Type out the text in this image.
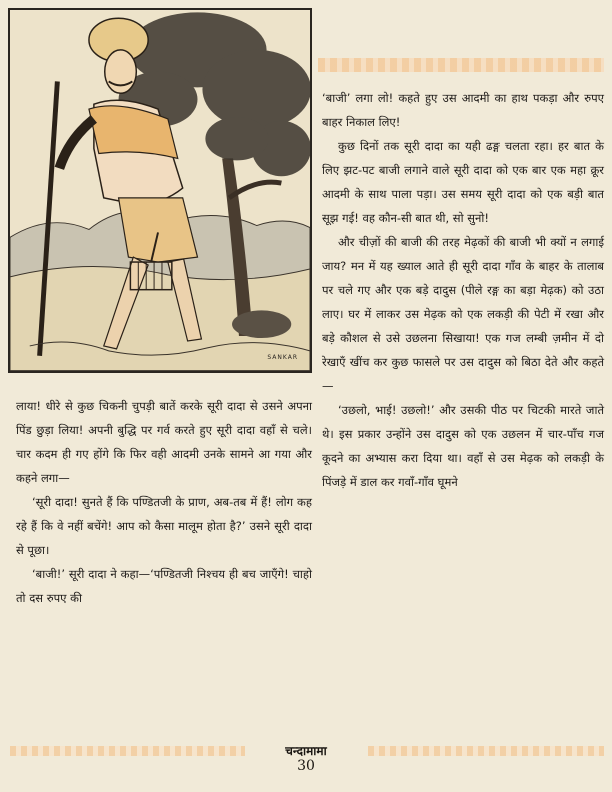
SANKAR

‘बाजी’ लगा लो! कहते हुए उस आदमी का हाथ पकड़ा और रुपए बाहर निकाल लिए!

कुछ दिनों तक सूरी दादा का यही ढङ्ग चलता रहा। हर बात के लिए झट-पट बाजी लगाने वाले सूरी दादा को एक बार एक महा क्रूर आदमी के साथ पाला पड़ा। उस समय सूरी दादा को एक बड़ी बात सूझ गई! वह कौन-सी बात थी, सो सुनो!

और चीज़ों की बाजी की तरह मेढ़कों की बाजी भी क्यों न लगाई जाय? मन में यह ख्याल आते ही सूरी दादा गाँव के बाहर के तालाब पर चले गए और एक बड़े दादुस (पीले रङ्ग का बड़ा मेढ़क) को उठा लाए। घर में लाकर उस मेढ़क को एक लकड़ी की पेटी में रखा और बड़े कौशल से उसे उछलना सिखाया! एक गज लम्बी ज़मीन में दो रेखाएँ खींच कर कुछ फासले पर उस दादुस को बिठा देते और कहते—

‘उछलो, भाई! उछलो!’ और उसकी पीठ पर चिटकी मारते जाते थे। इस प्रकार उन्होंने उस दादुस को एक उछलन में चार-पाँच गज कूदने का अभ्यास करा दिया था। वहाँ से उस मेढ़क को लकड़ी के पिंजड़े में डाल कर गवाँ-गाँव घूमने

लाया! धीरे से कुछ चिकनी चुपड़ी बातें करके सूरी दादा से उसने अपना पिंड छुड़ा लिया! अपनी बुद्धि पर गर्व करते हुए सूरी दादा वहाँ से चले। चार कदम ही गए होंगे कि फिर वही आदमी उनके सामने आ गया और कहने लगा—

‘सूरी दादा! सुनते हैं कि पण्डितजी के प्राण, अब-तब में हैं! लोग कह रहे हैं कि वे नहीं बचेंगे! आप को कैसा मालूम होता है?’ उसने सूरी दादा से पूछा।

‘बाजी!’ सूरी दादा ने कहा—‘पण्डितजी निश्चय ही बच जाएँगे! चाहो तो दस रुपए की

चन्दामामा
30
